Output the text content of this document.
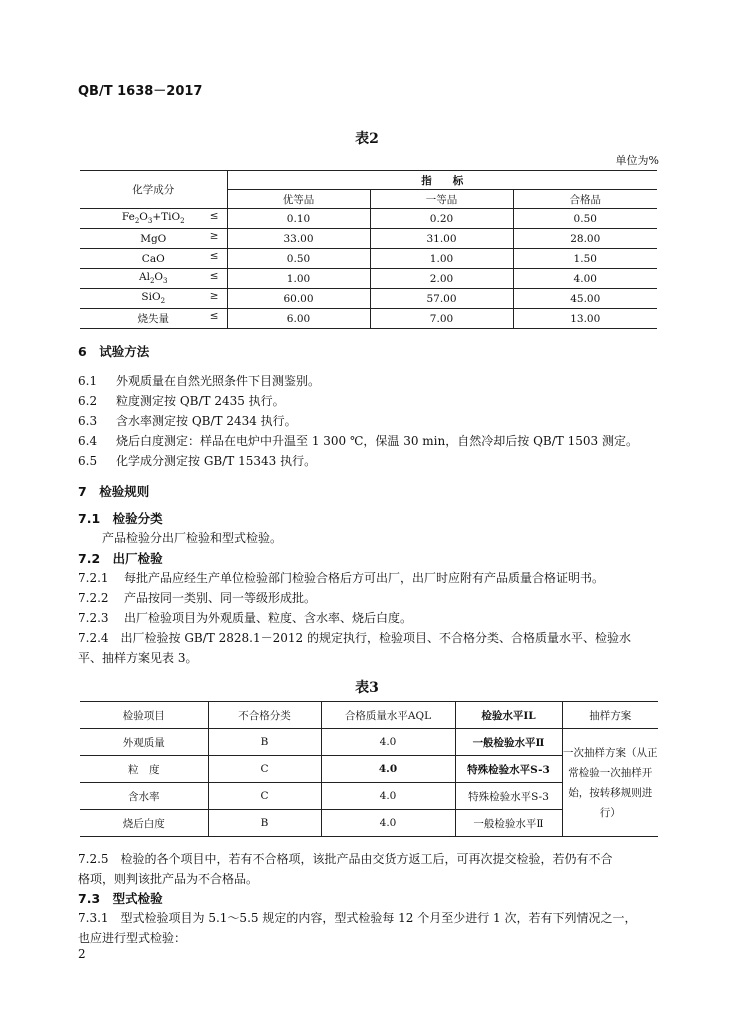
QB/T 1638－2017
表2
单位为%
化学成分	指　　标		
	优等品	一等品	合格品
$Fe_2O_3+TiO_2$ ≤	0.10	0.20	0.50
MgO ≥	33.00	31.00	28.00
CaO ≤	0.50	1.00	1.50
$Al_2O_3$ ≤	1.00	2.00	4.00
SiO$_2$ ≥	60.00	57.00	45.00
烧失量 ≤	6.00	7.00	13.00
6　试验方法
6.1 外观质量在自然光照条件下目测鉴别。
6.2 粒度测定按 QB/T 2435 执行。
6.3 含水率测定按 QB/T 2434 执行。
6.4 烧后白度测定：样品在电炉中升温至 1 300 ℃，保温 30 min，自然冷却后按 QB/T 1503 测定。
6.5 化学成分测定按 GB/T 15343 执行。
7　检验规则
7.1　检验分类
产品检验分出厂检验和型式检验。
7.2　出厂检验
7.2.1 每批产品应经生产单位检验部门检验合格后方可出厂，出厂时应附有产品质量合格证明书。
7.2.2 产品按同一类别、同一等级形成批。
7.2.3 出厂检验项目为外观质量、粒度、含水率、烧后白度。
7.2.4　出厂检验按 GB/T 2828.1－2012 的规定执行，检验项目、不合格分类、合格质量水平、检验水
平、抽样方案见表 3。
表3
检验项目	不合格分类	合格质量水平AQL	检验水平IL	抽样方案
外观质量	B	4.0	一般检验水平Ⅱ	一次抽样方案（从正
常检验一次抽样开
始，按转移规则进
行）

粒　度	C	4.0	特殊检验水平S-3	
含水率	C	4.0	特殊检验水平S-3	
烧后白度	B	4.0	一般检验水平Ⅱ	
7.2.5　检验的各个项目中，若有不合格项，该批产品由交货方返工后，可再次提交检验，若仍有不合
格项，则判该批产品为不合格品。
7.3　型式检验
7.3.1　型式检验项目为 5.1～5.5 规定的内容，型式检验每 12 个月至少进行 1 次，若有下列情况之一，
也应进行型式检验：
2
